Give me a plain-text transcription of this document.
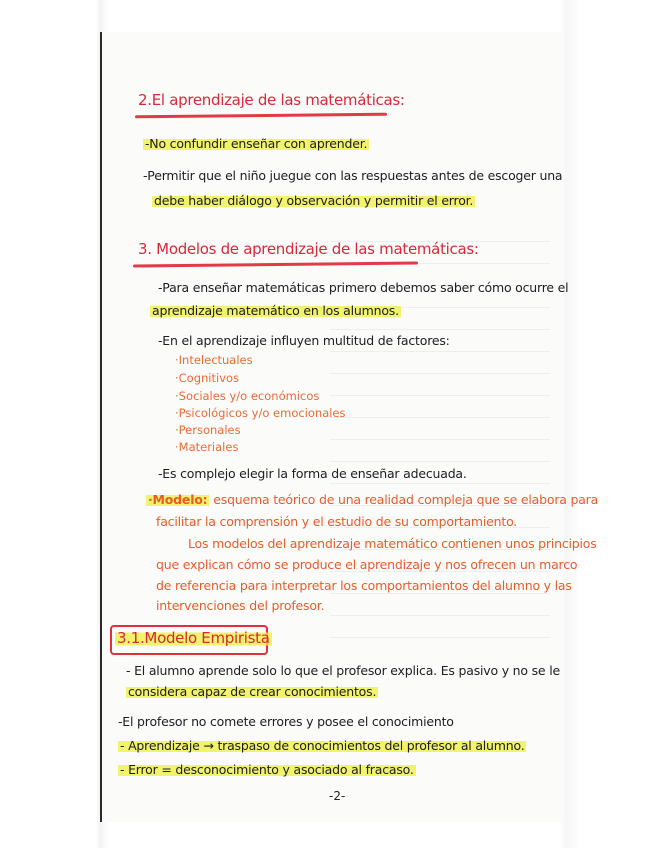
2.El aprendizaje de las matemáticas:
-No confundir enseñar con aprender.
-Permitir que el niño juegue con las respuestas antes de escoger una
debe haber diálogo y observación y permitir el error.
3. Modelos de aprendizaje de las matemáticas:
-Para enseñar matemáticas primero debemos saber cómo ocurre el
aprendizaje matemático en los alumnos.
-En el aprendizaje influyen multitud de factores:
·Intelectuales
·Cognitivos
·Sociales y/o económicos
·Psicológicos y/o emocionales
·Personales
·Materiales
-Es complejo elegir la forma de enseñar adecuada.
·Modelo: esquema teórico de una realidad compleja que se elabora para
facilitar la comprensión y el estudio de su comportamiento.
Los modelos del aprendizaje matemático contienen unos principios
que explican cómo se produce el aprendizaje y nos ofrecen un marco
de referencia para interpretar los comportamientos del alumno y las
intervenciones del profesor.
3.1.Modelo Empirista
- El alumno aprende solo lo que el profesor explica. Es pasivo y no se le
considera capaz de crear conocimientos.
-El profesor no comete errores y posee el conocimiento
- Aprendizaje → traspaso de conocimientos del profesor al alumno.
- Error = desconocimiento y asociado al fracaso.
-2-
